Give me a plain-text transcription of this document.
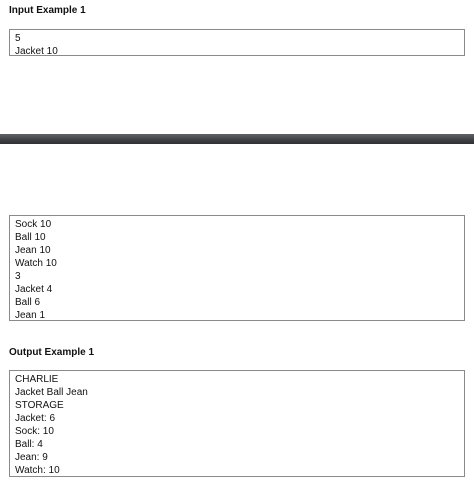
Input Example 1
5
Jacket 10
Sock 10
Ball 10
Jean 10
Watch 10
3
Jacket 4
Ball 6
Jean 1
Output Example 1
CHARLIE
Jacket Ball Jean
STORAGE
Jacket: 6
Sock: 10
Ball: 4
Jean: 9
Watch: 10
